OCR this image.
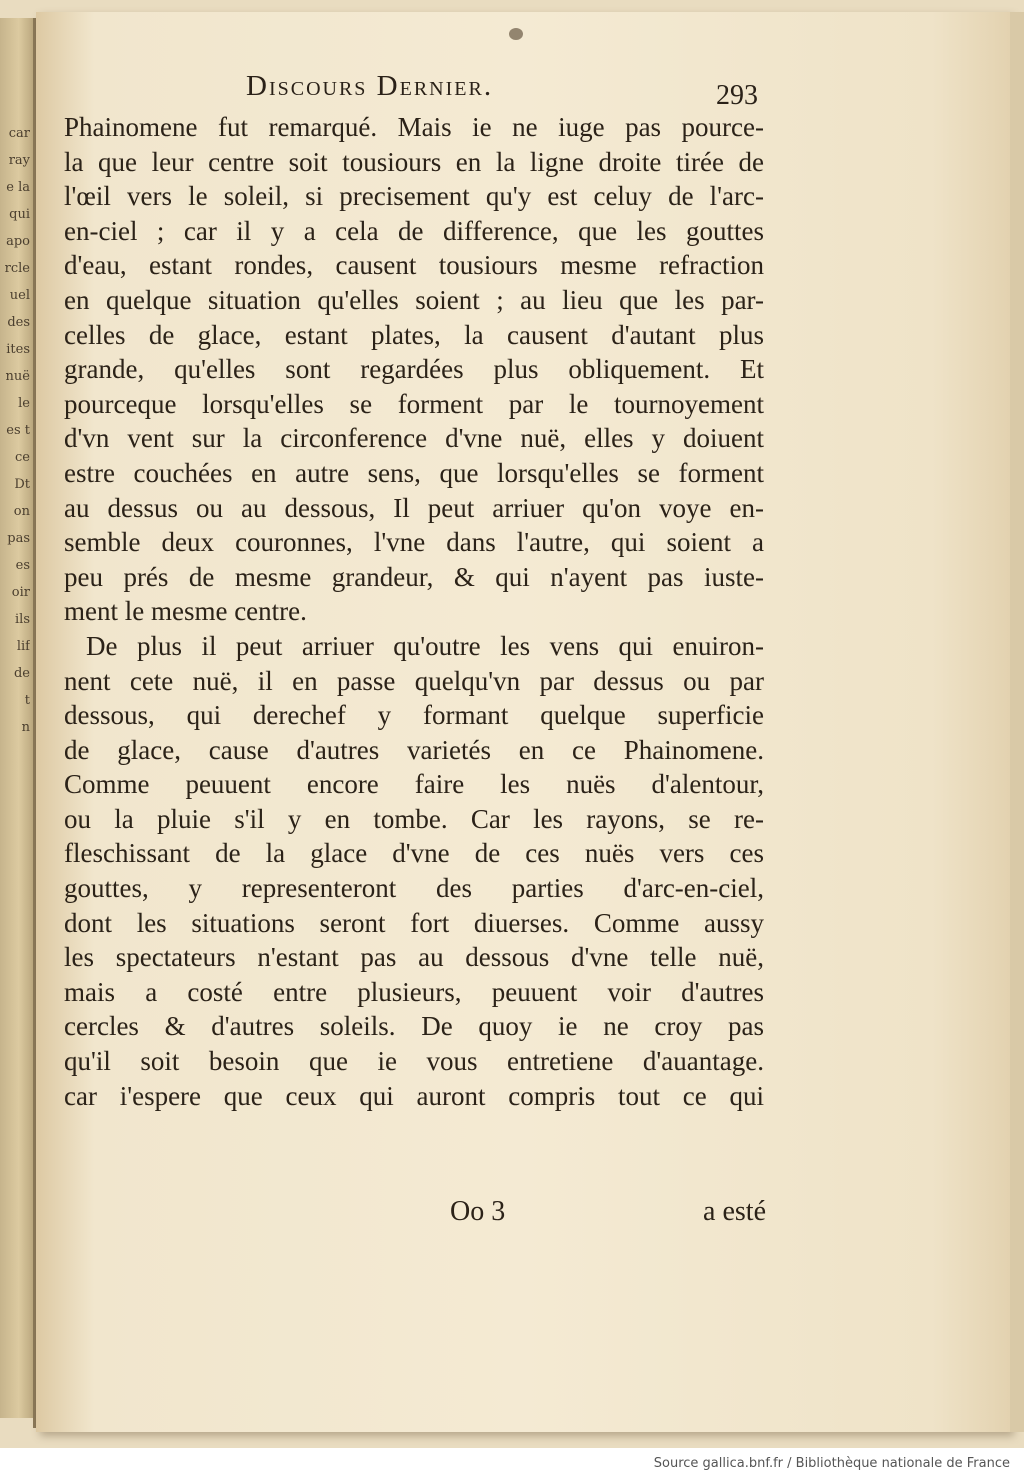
car
ray
e la
qui
apo
rcle
uel
des
ites
nuë
le
es t
ce
Dt
on
pas
es
oir
ils
lif
de
t
n
Discours Dernier.	293
Phainomene fut remarqué. Mais ie ne iuge pas pource-
la que leur centre soit tousiours en la ligne droite tirée de
l'œil vers le soleil, si precisement qu'y est celuy de l'arc-
en-ciel ; car il y a cela de difference, que les gouttes
d'eau, estant rondes, causent tousiours mesme refraction
en quelque situation qu'elles soient ; au lieu que les par-
celles de glace, estant plates, la causent d'autant plus
grande, qu'elles sont regardées plus obliquement. Et
pourceque lorsqu'elles se forment par le tournoyement
d'vn vent sur la circonference d'vne nuë, elles y doiuent
estre couchées en autre sens, que lorsqu'elles se forment
au dessus ou au dessous, Il peut arriuer qu'on voye en-
semble deux couronnes, l'vne dans l'autre, qui soient a
peu prés de mesme grandeur, & qui n'ayent pas iuste-
ment le mesme centre.
De plus il peut arriuer qu'outre les vens qui enuiron-
nent cete nuë, il en passe quelqu'vn par dessus ou par
dessous, qui derechef y formant quelque superficie
de glace, cause d'autres varietés en ce Phainomene.
Comme peuuent encore faire les nuës d'alentour,
ou la pluie s'il y en tombe. Car les rayons, se re-
fleschissant de la glace d'vne de ces nuës vers ces
gouttes, y representeront des parties d'arc-en-ciel,
dont les situations seront fort diuerses. Comme aussy
les spectateurs n'estant pas au dessous d'vne telle nuë,
mais a costé entre plusieurs, peuuent voir d'autres
cercles & d'autres soleils. De quoy ie ne croy pas
qu'il soit besoin que ie vous entretiene d'auantage.
car i'espere que ceux qui auront compris tout ce qui
Oo 3	a esté
Source gallica.bnf.fr / Bibliothèque nationale de France
